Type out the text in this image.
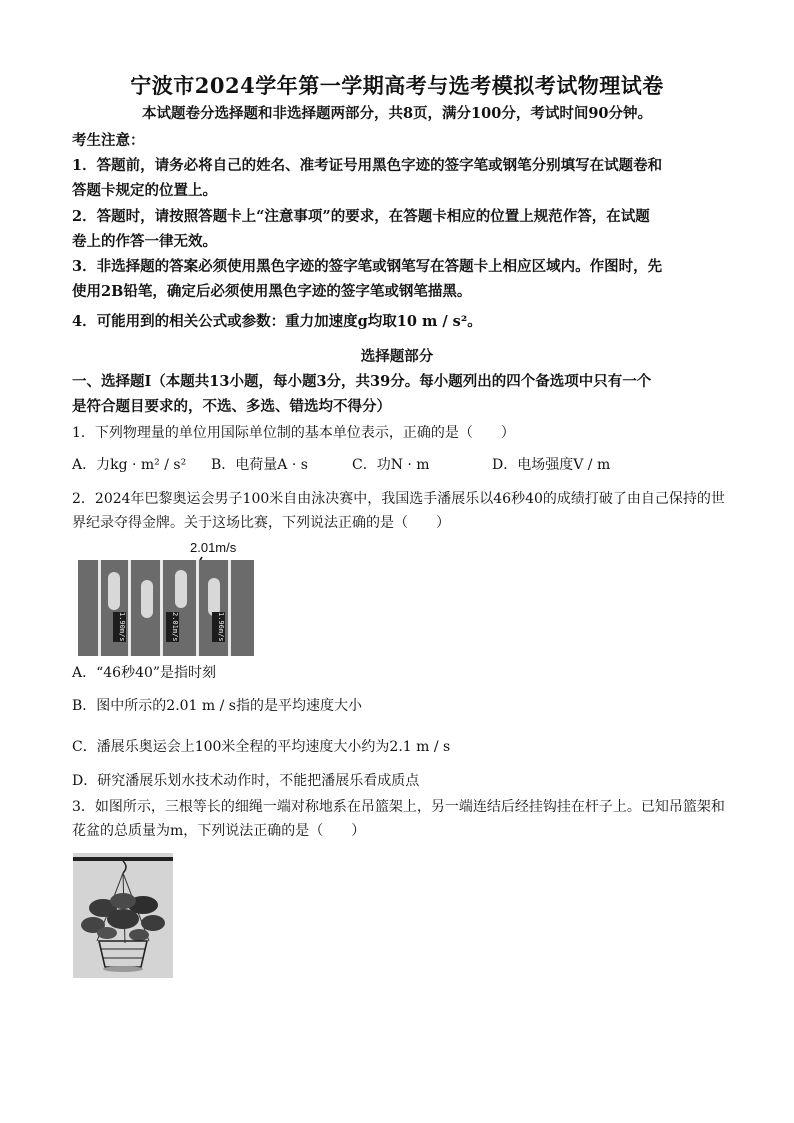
宁波市2024学年第一学期高考与选考模拟考试物理试卷
本试题卷分选择题和非选择题两部分，共8页，满分100分，考试时间90分钟。
考生注意：
1．答题前，请务必将自己的姓名、准考证号用黑色字迹的签字笔或钢笔分别填写在试题卷和
答题卡规定的位置上。
2．答题时，请按照答题卡上“注意事项”的要求，在答题卡相应的位置上规范作答，在试题
卷上的作答一律无效。
3．非选择题的答案必须使用黑色字迹的签字笔或钢笔写在答题卡上相应区域内。作图时，先
使用2B铅笔，确定后必须使用黑色字迹的签字笔或钢笔描黑。
4．可能用到的相关公式或参数：重力加速度g均取10 m / s²。
选择题部分
一、选择题Ⅰ（本题共13小题，每小题3分，共39分。每小题列出的四个备选项中只有一个
是符合题目要求的，不选、多选、错选均不得分）
1．下列物理量的单位用国际单位制的基本单位表示，正确的是（　　）
A．力kg · m² / s² B．电荷量A · s	C．功N · m	D．电场强度V / m
2．2024年巴黎奥运会男子100米自由泳决赛中，我国选手潘展乐以46秒40的成绩打破了由自己保持的世
界纪录夺得金牌。关于这场比赛，下列说法正确的是（　　）
2.01m/s
1.90m/s	2.01m/s	1.96m/s
A．“46秒40”是指时刻
B．图中所示的2.01 m / s指的是平均速度大小
C．潘展乐奥运会上100米全程的平均速度大小约为2.1 m / s
D．研究潘展乐划水技术动作时，不能把潘展乐看成质点
3．如图所示，三根等长的细绳一端对称地系在吊篮架上，另一端连结后经挂钩挂在杆子上。已知吊篮架和
花盆的总质量为m，下列说法正确的是（　　）
